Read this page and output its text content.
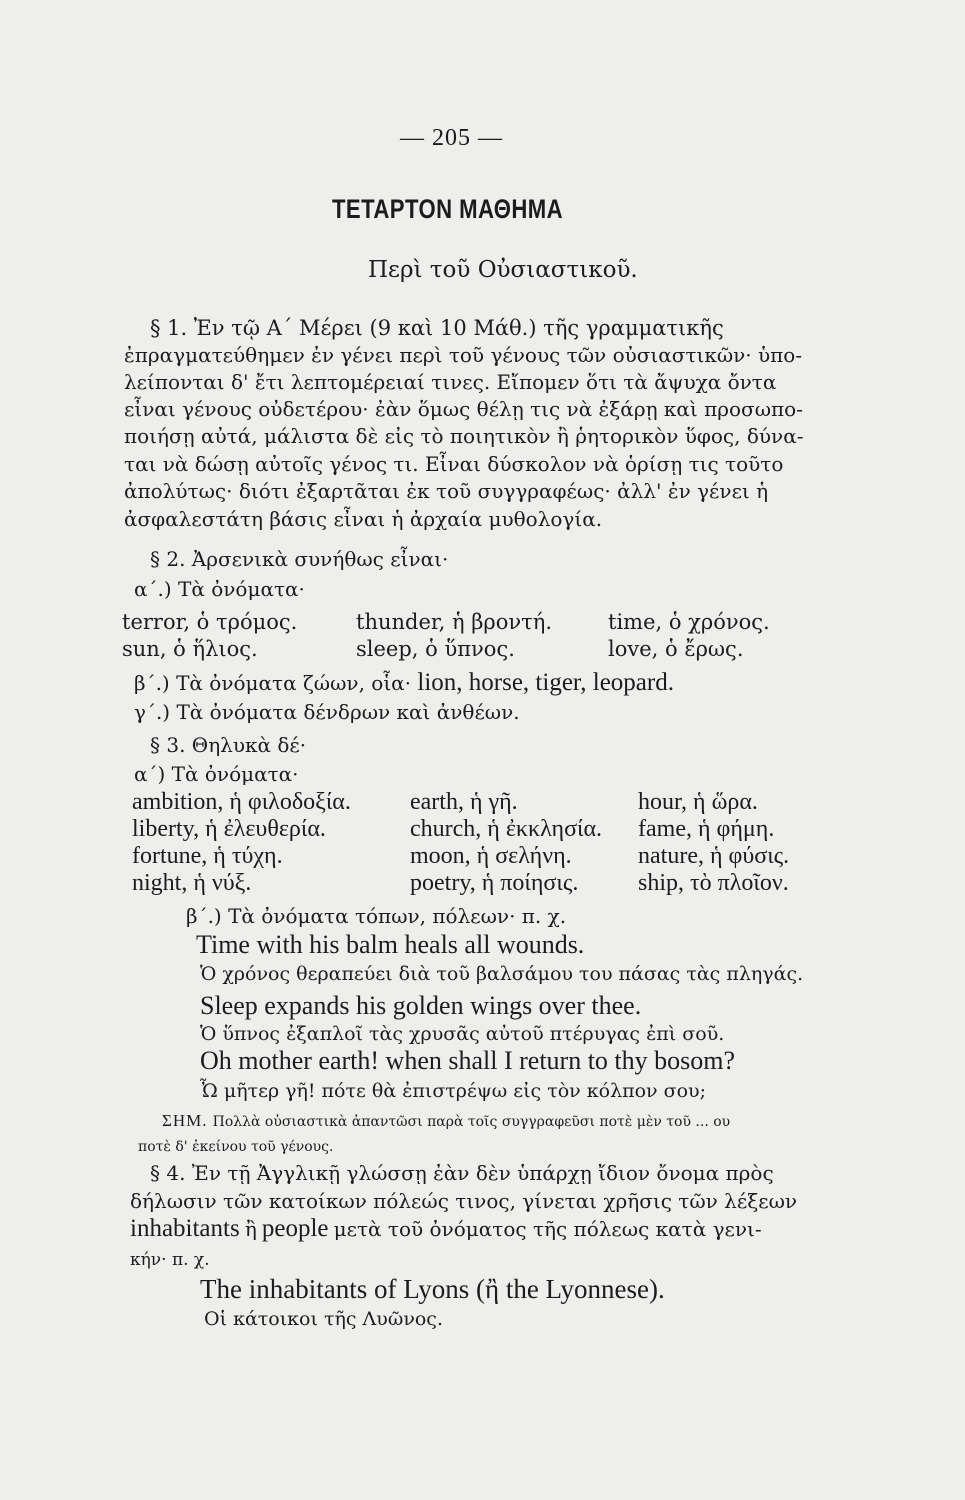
— 205 —
ΤΕΤΑΡΤΟΝ ΜΑΘΗΜΑ
Περὶ τοῦ Οὐσιαστικοῦ.
§ 1. Ἐν τῷ Α΄ Μέρει (9 καὶ 10 Μάθ.) τῆς γραμματικῆς
ἐπραγματεύθημεν ἐν γένει περὶ τοῦ γένους τῶν οὐσιαστικῶν· ὑπο-
λείπονται δ' ἔτι λεπτομέρειαί τινες. Εἴπομεν ὅτι τὰ ἄψυχα ὄντα
εἶναι γένους οὐδετέρου· ἐὰν ὅμως θέλῃ τις νὰ ἐξάρῃ καὶ προσωπο-
ποιήσῃ αὐτά, μάλιστα δὲ εἰς τὸ ποιητικὸν ἢ ῥητορικὸν ὕφος, δύνα-
ται νὰ δώσῃ αὐτοῖς γένος τι. Εἶναι δύσκολον νὰ ὁρίσῃ τις τοῦτο
ἀπολύτως· διότι ἐξαρτᾶται ἐκ τοῦ συγγραφέως· ἀλλ' ἐν γένει ἡ
ἀσφαλεστάτη βάσις εἶναι ἡ ἀρχαία μυθολογία.
§ 2. Ἀρσενικὰ συνήθως εἶναι·
α΄.) Τὰ ὀνόματα·
terror, ὁ τρόμος.	thunder, ἡ βροντή.	time, ὁ χρόνος.
sun, ὁ ἥλιος.	sleep, ὁ ὕπνος.	love, ὁ ἔρως.
β΄.) Τὰ ὀνόματα ζώων, οἷα· lion, horse, tiger, leopard.
γ΄.) Τὰ ὀνόματα δένδρων καὶ ἀνθέων.
§ 3. Θηλυκὰ δέ·
α΄) Τὰ ὀνόματα·
ambition, ἡ φιλοδοξία. earth, ἡ γῆ.	hour, ἡ ὥρα.
liberty, ἡ ἐλευθερία.	church, ἡ ἐκκλησία. fame, ἡ φήμη.
fortune, ἡ τύχη.	moon, ἡ σελήνη.	nature, ἡ φύσις.
night, ἡ νύξ.	poetry, ἡ ποίησις. ship, τὸ πλοῖον.
β΄.) Τὰ ὀνόματα τόπων, πόλεων· π. χ.
Time with his balm heals all wounds.
Ὁ χρόνος θεραπεύει διὰ τοῦ βαλσάμου του πάσας τὰς πληγάς.
Sleep expands his golden wings over thee.
Ὁ ὕπνος ἐξαπλοῖ τὰς χρυσᾶς αὐτοῦ πτέρυγας ἐπὶ σοῦ.
Oh mother earth! when shall I return to thy bosom?
Ὦ μῆτερ γῆ! πότε θὰ ἐπιστρέψω εἰς τὸν κόλπον σου;
ΣΗΜ. Πολλὰ οὐσιαστικὰ ἀπαντῶσι παρὰ τοῖς συγγραφεῦσι ποτὲ μὲν τοῦ ... ου
ποτὲ δ' ἐκείνου τοῦ γένους.
§ 4. Ἐν τῇ Ἀγγλικῇ γλώσσῃ ἐὰν δὲν ὑπάρχῃ ἴδιον ὄνομα πρὸς
δήλωσιν τῶν κατοίκων πόλεώς τινος, γίνεται χρῆσις τῶν λέξεων
inhabitants ἢ people μετὰ τοῦ ὀνόματος τῆς πόλεως κατὰ γενι-
κήν· π. χ.
The inhabitants of Lyons (ἢ the Lyonnese).
Οἱ κάτοικοι τῆς Λυῶνος.
